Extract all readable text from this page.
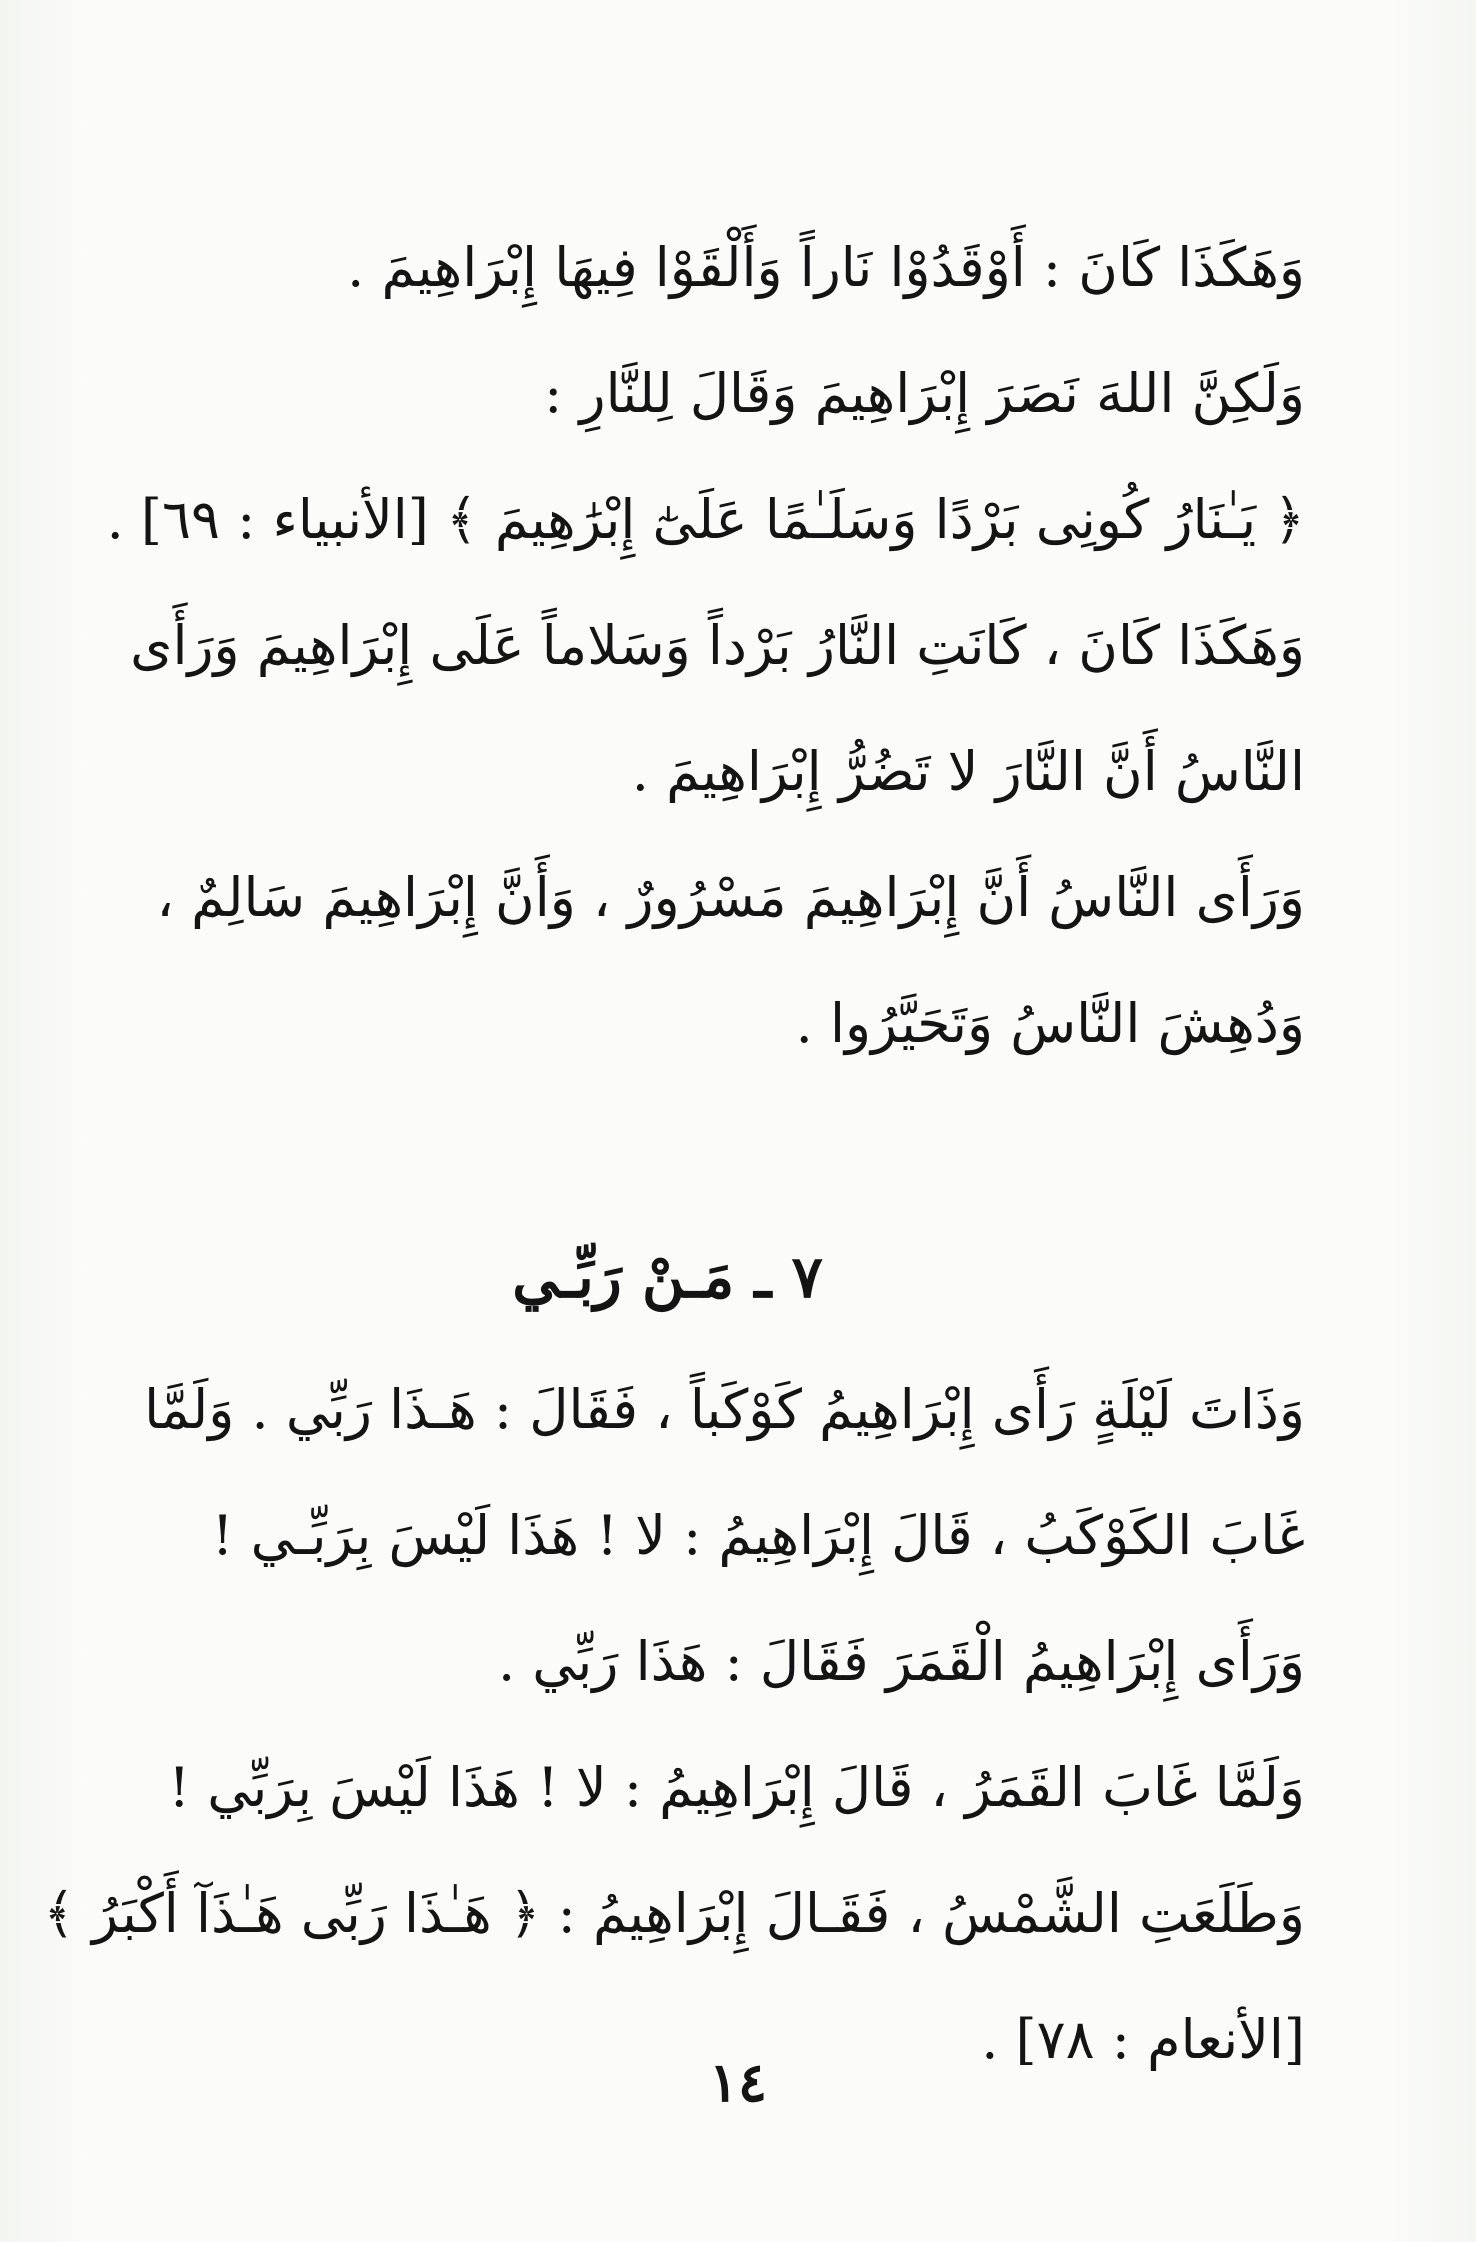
وَهَكَذَا كَانَ : أَوْقَدُوْا نَاراً وَأَلْقَوْا فِيهَا إِبْرَاهِيمَ .

وَلَكِنَّ اللهَ نَصَرَ إِبْرَاهِيمَ وَقَالَ لِلنَّارِ :

﴿ يَـٰنَارُ كُونِى بَرْدًا وَسَلَـٰمًا عَلَىٰٓ إِبْرَٰهِيمَ ﴾ [الأنبياء : ٦٩] .

وَهَكَذَا كَانَ ، كَانَتِ النَّارُ بَرْداً وَسَلاماً عَلَى إِبْرَاهِيمَ وَرَأَى

النَّاسُ أَنَّ النَّارَ لا تَضُرُّ إِبْرَاهِيمَ .

وَرَأَى النَّاسُ أَنَّ إِبْرَاهِيمَ مَسْرُورٌ ، وَأَنَّ إِبْرَاهِيمَ سَالِمٌ ،

وَدُهِشَ النَّاسُ وَتَحَيَّرُوا .

٧ ـ مَـنْ رَبِّـي

وَذَاتَ لَيْلَةٍ رَأَى إِبْرَاهِيمُ كَوْكَباً ، فَقَالَ : هَـذَا رَبِّي . وَلَمَّا

غَابَ الكَوْكَبُ ، قَالَ إِبْرَاهِيمُ : لا ! هَذَا لَيْسَ بِرَبِّـي !

وَرَأَى إِبْرَاهِيمُ الْقَمَرَ فَقَالَ : هَذَا رَبِّي .

وَلَمَّا غَابَ القَمَرُ ، قَالَ إِبْرَاهِيمُ : لا ! هَذَا لَيْسَ بِرَبِّي !

وَطَلَعَتِ الشَّمْسُ ، فَقَـالَ إِبْرَاهِيمُ : ﴿ هَـٰذَا رَبِّى هَـٰذَآ أَكْبَرُ ﴾

[الأنعام : ٧٨] .

١٤
